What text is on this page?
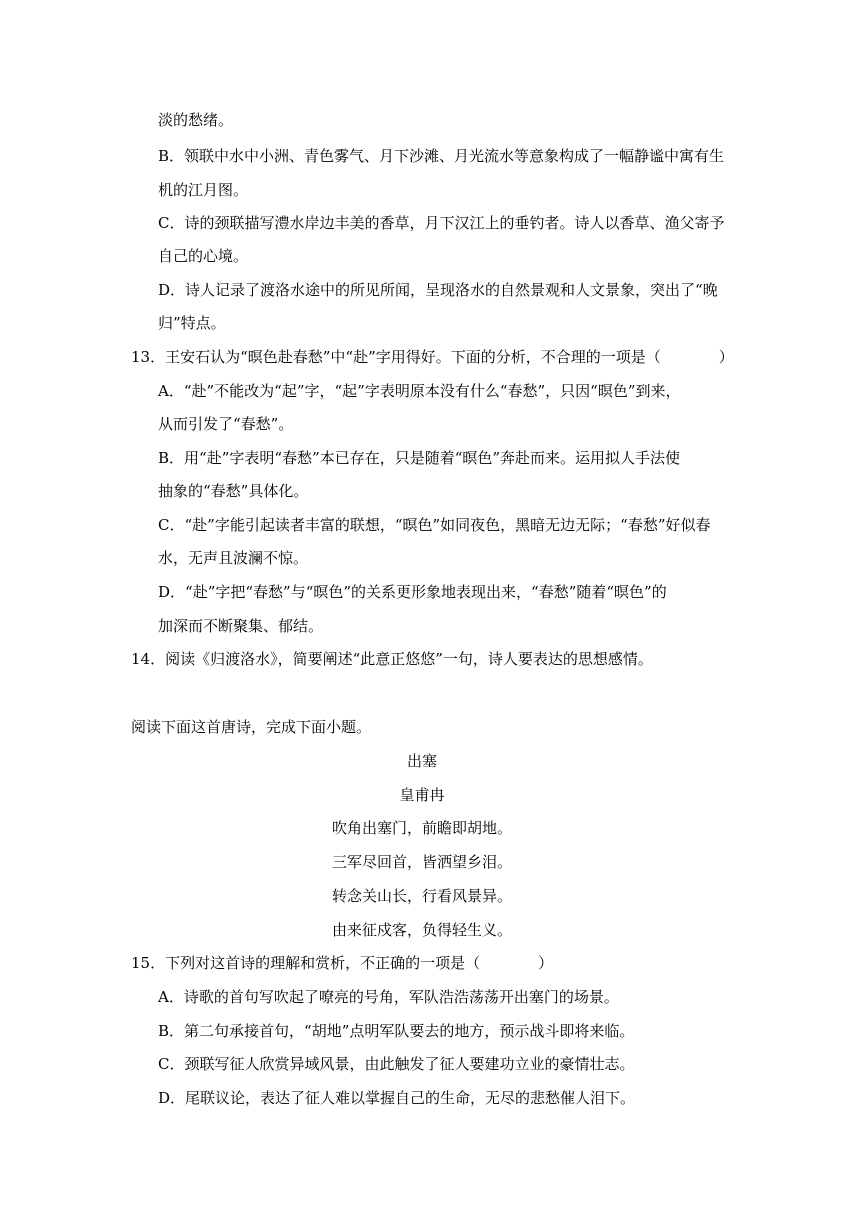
淡的愁绪。
B．领联中水中小洲、青色雾气、月下沙滩、月光流水等意象构成了一幅静谧中寓有生
机的江月图。
C．诗的颈联描写澧水岸边丰美的香草，月下汉江上的垂钓者。诗人以香草、渔父寄予
自己的心境。
D．诗人记录了渡洛水途中的所见所闻，呈现洛水的自然景观和人文景象，突出了“晚
归”特点。
13．王安石认为“暝色赴春愁”中“赴”字用得好。下面的分析，不合理的一项是（	）
A．“赴”不能改为“起”字，“起”字表明原本没有什么“春愁”，只因“暝色”到来，
从而引发了“春愁”。
B．用“赴”字表明“春愁”本已存在，只是随着“暝色”奔赴而来。运用拟人手法使
抽象的“春愁”具体化。
C．“赴”字能引起读者丰富的联想，“暝色”如同夜色，黑暗无边无际；“春愁”好似春
水，无声且波澜不惊。
D．“赴”字把“春愁”与“暝色”的关系更形象地表现出来，“春愁”随着“暝色”的
加深而不断聚集、郁结。
14．阅读《归渡洛水》，简要阐述“此意正悠悠”一句，诗人要表达的思想感情。
阅读下面这首唐诗，完成下面小题。
出塞
皇甫冉
吹角出塞门，前瞻即胡地。
三军尽回首，皆洒望乡泪。
转念关山长，行看风景异。
由来征戍客，负得轻生义。
15．下列对这首诗的理解和赏析，不正确的一项是（	）
A．诗歌的首句写吹起了嘹亮的号角，军队浩浩荡荡开出塞门的场景。
B．第二句承接首句，“胡地”点明军队要去的地方，预示战斗即将来临。
C．颈联写征人欣赏异域风景，由此触发了征人要建功立业的豪情壮志。
D．尾联议论，表达了征人难以掌握自己的生命，无尽的悲愁催人泪下。
